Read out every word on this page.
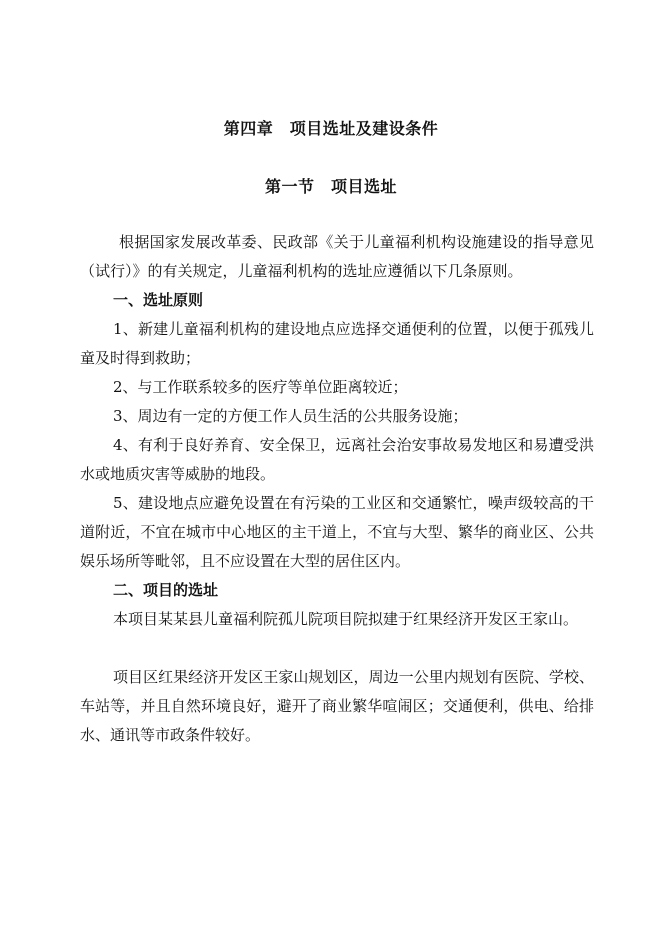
第四章　项目选址及建设条件
第一节　项目选址

根据国家发展改革委、民政部《关于儿童福利机构设施建设的指导意见（试行）》的有关规定，儿童福利机构的选址应遵循以下几条原则。

一、选址原则

1、新建儿童福利机构的建设地点应选择交通便利的位置，以便于孤残儿童及时得到救助；

2、与工作联系较多的医疗等单位距离较近；

3、周边有一定的方便工作人员生活的公共服务设施；

4、有利于良好养育、安全保卫，远离社会治安事故易发地区和易遭受洪水或地质灾害等威胁的地段。

5、建设地点应避免设置在有污染的工业区和交通繁忙，噪声级较高的干道附近，不宜在城市中心地区的主干道上，不宜与大型、繁华的商业区、公共娱乐场所等毗邻，且不应设置在大型的居住区内。

二、项目的选址

本项目某某县儿童福利院孤儿院项目院拟建于红果经济开发区王家山。

项目区红果经济开发区王家山规划区，周边一公里内规划有医院、学校、车站等，并且自然环境良好，避开了商业繁华喧闹区；交通便利，供电、给排水、通讯等市政条件较好。
